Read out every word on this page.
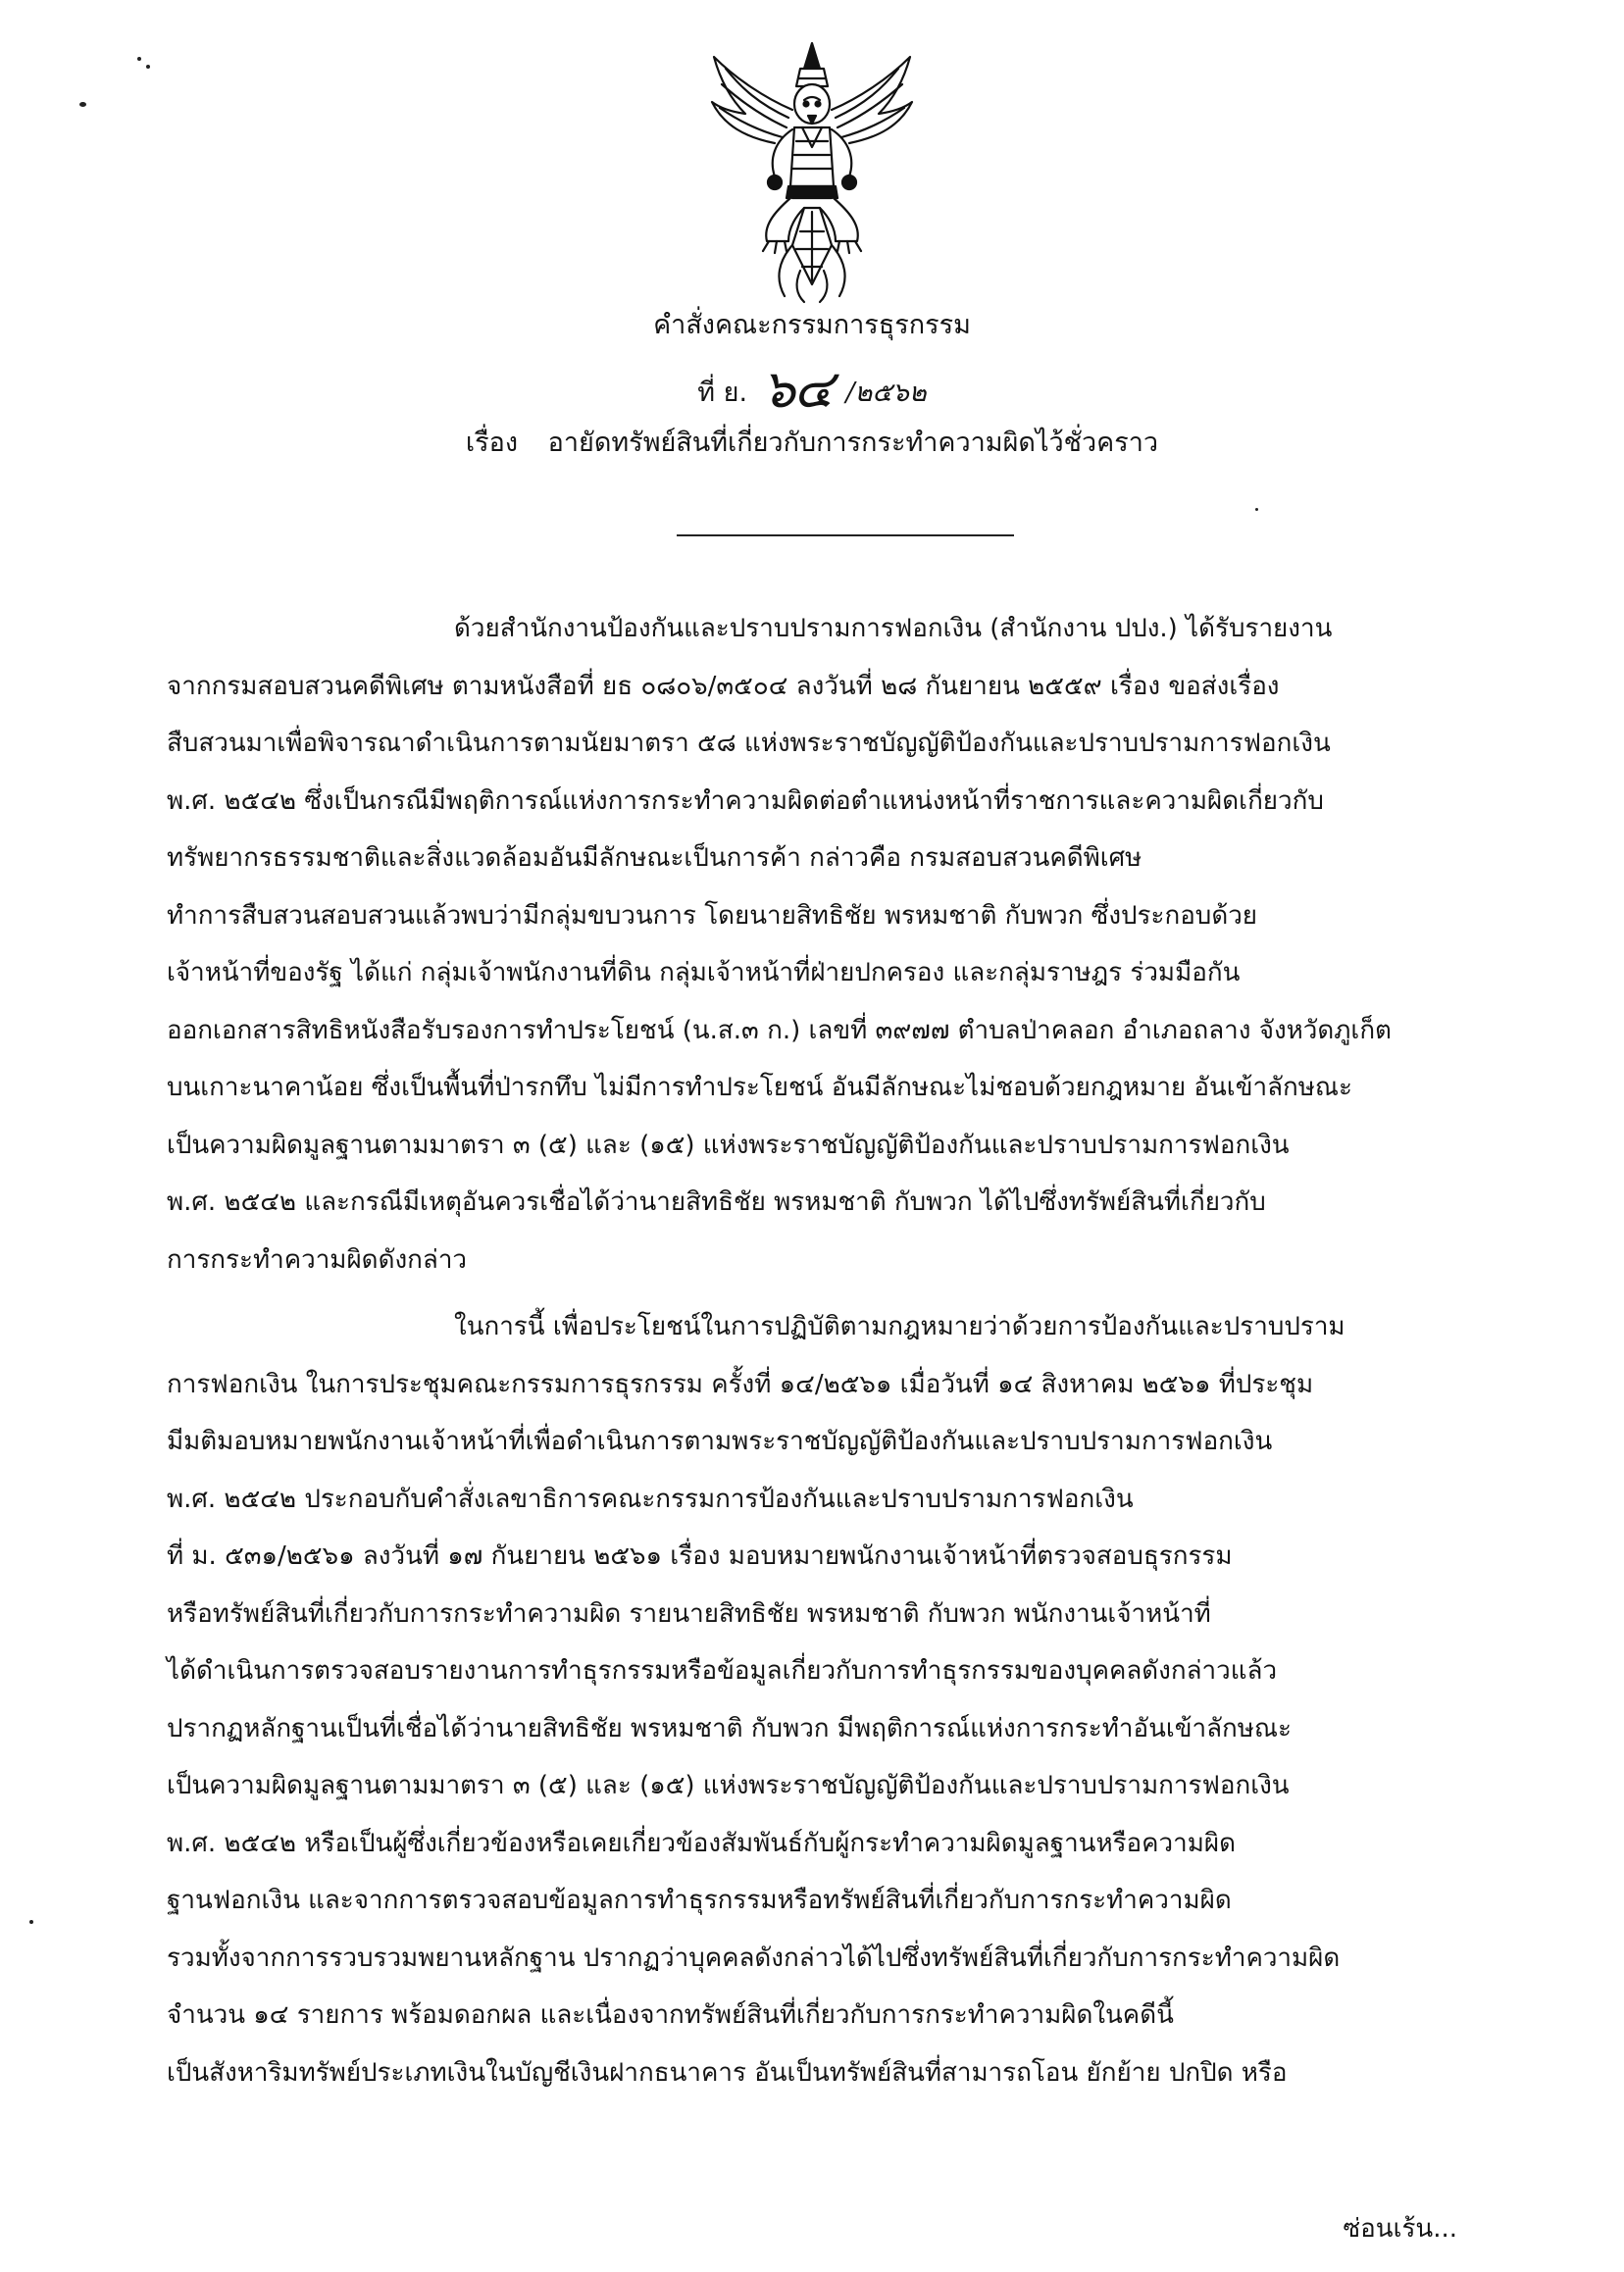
คำสั่งคณะกรรมการธุรกรรม
ที่ ย. ๖๔ /๒๕๖๒
เรื่อง อายัดทรัพย์สินที่เกี่ยวกับการกระทำความผิดไว้ชั่วคราว
ด้วยสำนักงานป้องกันและปราบปรามการฟอกเงิน (สำนักงาน ปปง.) ได้รับรายงาน
จากกรมสอบสวนคดีพิเศษ ตามหนังสือที่ ยธ ๐๘๐๖/๓๕๐๔ ลงวันที่ ๒๘ กันยายน ๒๕๕๙ เรื่อง ขอส่งเรื่อง
สืบสวนมาเพื่อพิจารณาดำเนินการตามนัยมาตรา ๕๘ แห่งพระราชบัญญัติป้องกันและปราบปรามการฟอกเงิน
พ.ศ. ๒๕๔๒ ซึ่งเป็นกรณีมีพฤติการณ์แห่งการกระทำความผิดต่อตำแหน่งหน้าที่ราชการและความผิดเกี่ยวกับ
ทรัพยากรธรรมชาติและสิ่งแวดล้อมอันมีลักษณะเป็นการค้า กล่าวคือ กรมสอบสวนคดีพิเศษ
ทำการสืบสวนสอบสวนแล้วพบว่ามีกลุ่มขบวนการ โดยนายสิทธิชัย พรหมชาติ กับพวก ซึ่งประกอบด้วย
เจ้าหน้าที่ของรัฐ ได้แก่ กลุ่มเจ้าพนักงานที่ดิน กลุ่มเจ้าหน้าที่ฝ่ายปกครอง และกลุ่มราษฎร ร่วมมือกัน
ออกเอกสารสิทธิหนังสือรับรองการทำประโยชน์ (น.ส.๓ ก.) เลขที่ ๓๙๗๗ ตำบลป่าคลอก อำเภอถลาง จังหวัดภูเก็ต
บนเกาะนาคาน้อย ซึ่งเป็นพื้นที่ป่ารกทึบ ไม่มีการทำประโยชน์ อันมีลักษณะไม่ชอบด้วยกฎหมาย อันเข้าลักษณะ
เป็นความผิดมูลฐานตามมาตรา ๓ (๕) และ (๑๕) แห่งพระราชบัญญัติป้องกันและปราบปรามการฟอกเงิน
พ.ศ. ๒๕๔๒ และกรณีมีเหตุอันควรเชื่อได้ว่านายสิทธิชัย พรหมชาติ กับพวก ได้ไปซึ่งทรัพย์สินที่เกี่ยวกับ
การกระทำความผิดดังกล่าว
ในการนี้ เพื่อประโยชน์ในการปฏิบัติตามกฎหมายว่าด้วยการป้องกันและปราบปราม
การฟอกเงิน ในการประชุมคณะกรรมการธุรกรรม ครั้งที่ ๑๔/๒๕๖๑ เมื่อวันที่ ๑๔ สิงหาคม ๒๕๖๑ ที่ประชุม
มีมติมอบหมายพนักงานเจ้าหน้าที่เพื่อดำเนินการตามพระราชบัญญัติป้องกันและปราบปรามการฟอกเงิน
พ.ศ. ๒๕๔๒ ประกอบกับคำสั่งเลขาธิการคณะกรรมการป้องกันและปราบปรามการฟอกเงิน
ที่ ม. ๕๓๑/๒๕๖๑ ลงวันที่ ๑๗ กันยายน ๒๕๖๑ เรื่อง มอบหมายพนักงานเจ้าหน้าที่ตรวจสอบธุรกรรม
หรือทรัพย์สินที่เกี่ยวกับการกระทำความผิด รายนายสิทธิชัย พรหมชาติ กับพวก พนักงานเจ้าหน้าที่
ได้ดำเนินการตรวจสอบรายงานการทำธุรกรรมหรือข้อมูลเกี่ยวกับการทำธุรกรรมของบุคคลดังกล่าวแล้ว
ปรากฏหลักฐานเป็นที่เชื่อได้ว่านายสิทธิชัย พรหมชาติ กับพวก มีพฤติการณ์แห่งการกระทำอันเข้าลักษณะ
เป็นความผิดมูลฐานตามมาตรา ๓ (๕) และ (๑๕) แห่งพระราชบัญญัติป้องกันและปราบปรามการฟอกเงิน
พ.ศ. ๒๕๔๒ หรือเป็นผู้ซึ่งเกี่ยวข้องหรือเคยเกี่ยวข้องสัมพันธ์กับผู้กระทำความผิดมูลฐานหรือความผิด
ฐานฟอกเงิน และจากการตรวจสอบข้อมูลการทำธุรกรรมหรือทรัพย์สินที่เกี่ยวกับการกระทำความผิด
รวมทั้งจากการรวบรวมพยานหลักฐาน ปรากฏว่าบุคคลดังกล่าวได้ไปซึ่งทรัพย์สินที่เกี่ยวกับการกระทำความผิด
จำนวน ๑๔ รายการ พร้อมดอกผล และเนื่องจากทรัพย์สินที่เกี่ยวกับการกระทำความผิดในคดีนี้
เป็นสังหาริมทรัพย์ประเภทเงินในบัญชีเงินฝากธนาคาร อันเป็นทรัพย์สินที่สามารถโอน ยักย้าย ปกปิด หรือ
ซ่อนเร้น...
